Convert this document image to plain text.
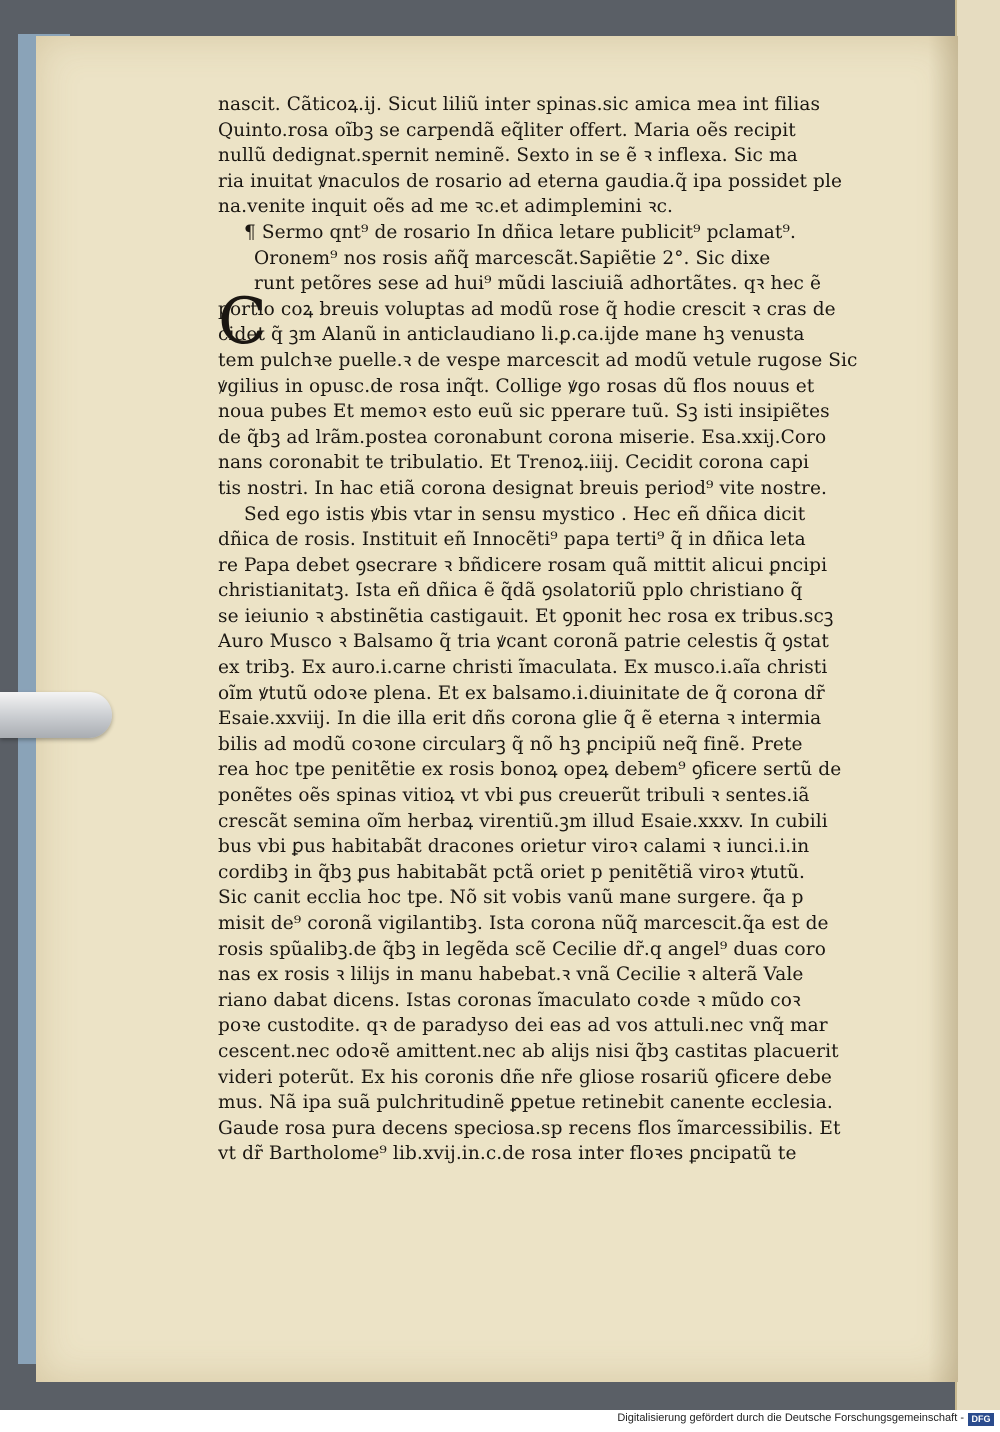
C
nascit. Cãticoꝝ.ij. Sicut liliũ inter spinas.sic amica mea int filias
Quinto.rosa oĩbꝫ se carpendã eq̃liter offert. Maria oẽs recipit
nullũ dedignat.spernit neminẽ. Sexto in se ẽ ꝛ inflexa. Sic ma
ria inuitat ꝟnaculos de rosario ad eterna gaudia.q̃ ipa possidet ple
na.venite inquit oẽs ad me ꝛc.et adimplemini ꝛc.
¶ Sermo qnt⁹ de rosario In dñica letare publicit⁹ pclamat⁹.
Oronem⁹ nos rosis añq̃ marcescãt.Sapiẽtie 2°. Sic dixe
runt petõres sese ad hui⁹ mũdi lasciuiã adhortãtes. qꝛ hec ẽ
portio coꝝ breuis voluptas ad modũ rose q̃ hodie crescit ꝛ cras de
cidet q̃ ꝫm Alanũ in anticlaudiano li.ꝑ.ca.ijde mane hꝫ venusta
tem pulchꝛe puelle.ꝛ de vespe marcescit ad modũ vetule rugose Sic
ꝟgilius in opusc.de rosa inq̃t. Collige ꝟgo rosas dũ flos nouus et
noua pubes Et memoꝛ esto euũ sic pperare tuũ. Sꝫ isti insipiẽtes
de q̃bꝫ ad lrãm.postea coronabunt corona miserie. Esa.xxij.Coro
nans coronabit te tribulatio. Et Trenoꝝ.iiij. Cecidit corona capi
tis nostri. In hac etiã corona designat breuis period⁹ vite nostre.
Sed ego istis ꝟbis vtar in sensu mystico . Hec eñ dñica dicit
dñica de rosis. Instituit eñ Innocẽti⁹ papa terti⁹ q̃ in dñica leta
re Papa debet ꝯsecrare ꝛ bñdicere rosam quã mittit alicui ꝑncipi
christianitatꝫ. Ista eñ dñica ẽ q̃dã ꝯsolatoriũ pplo christiano q̃
se ieiunio ꝛ abstinẽtia castigauit. Et ꝯponit hec rosa ex tribus.scꝫ
Auro Musco ꝛ Balsamo q̃ tria ꝟcant coronã patrie celestis q̃ ꝯstat
ex tribꝫ. Ex auro.i.carne christi ĩmaculata. Ex musco.i.aĩa christi
oĩm ꝟtutũ odoꝛe plena. Et ex balsamo.i.diuinitate de q̃ corona dr̃
Esaie.xxviij. In die illa erit dñs corona glie q̃ ẽ eterna ꝛ intermia
bilis ad modũ coꝛone circularꝫ q̃ nõ hꝫ ꝑncipiũ neq̃ finẽ. Prete
rea hoc tpe penitẽtie ex rosis bonoꝝ opeꝝ debem⁹ ꝯficere sertũ de
ponẽtes oẽs spinas vitioꝝ vt vbi ꝑus creuerũt tribuli ꝛ sentes.iã
crescãt semina oĩm herbaꝝ virentiũ.ꝫm illud Esaie.xxxv. In cubili
bus vbi ꝑus habitabãt dracones orietur viroꝛ calami ꝛ iunci.i.in
cordibꝫ in q̃bꝫ ꝑus habitabãt pctã oriet p penitẽtiã viroꝛ ꝟtutũ.
Sic canit ecclia hoc tpe. Nõ sit vobis vanũ mane surgere. q̃a p
misit de⁹ coronã vigilantibꝫ. Ista corona nũq̃ marcescit.q̃a est de
rosis spũalibꝫ.de q̃bꝫ in legẽda scẽ Cecilie dr̃.q angel⁹ duas coro
nas ex rosis ꝛ lilijs in manu habebat.ꝛ vnã Cecilie ꝛ alterã Vale
riano dabat dicens. Istas coronas ĩmaculato coꝛde ꝛ mũdo coꝛ
poꝛe custodite. qꝛ de paradyso dei eas ad vos attuli.nec vnq̃ mar
cescent.nec odoꝛẽ amittent.nec ab alijs nisi q̃bꝫ castitas placuerit
videri poterũt. Ex his coronis dñe nr̃e gliose rosariũ ꝯficere debe
mus. Nã ipa suã pulchritudinẽ ꝑpetue retinebit canente ecclesia.
Gaude rosa pura decens speciosa.sp recens flos ĩmarcessibilis. Et
vt dr̃ Bartholome⁹ lib.xvij.in.c.de rosa inter floꝛes ꝑncipatũ te
Digitalisierung gefördert durch die Deutsche Forschungsgemeinschaft - DFG
